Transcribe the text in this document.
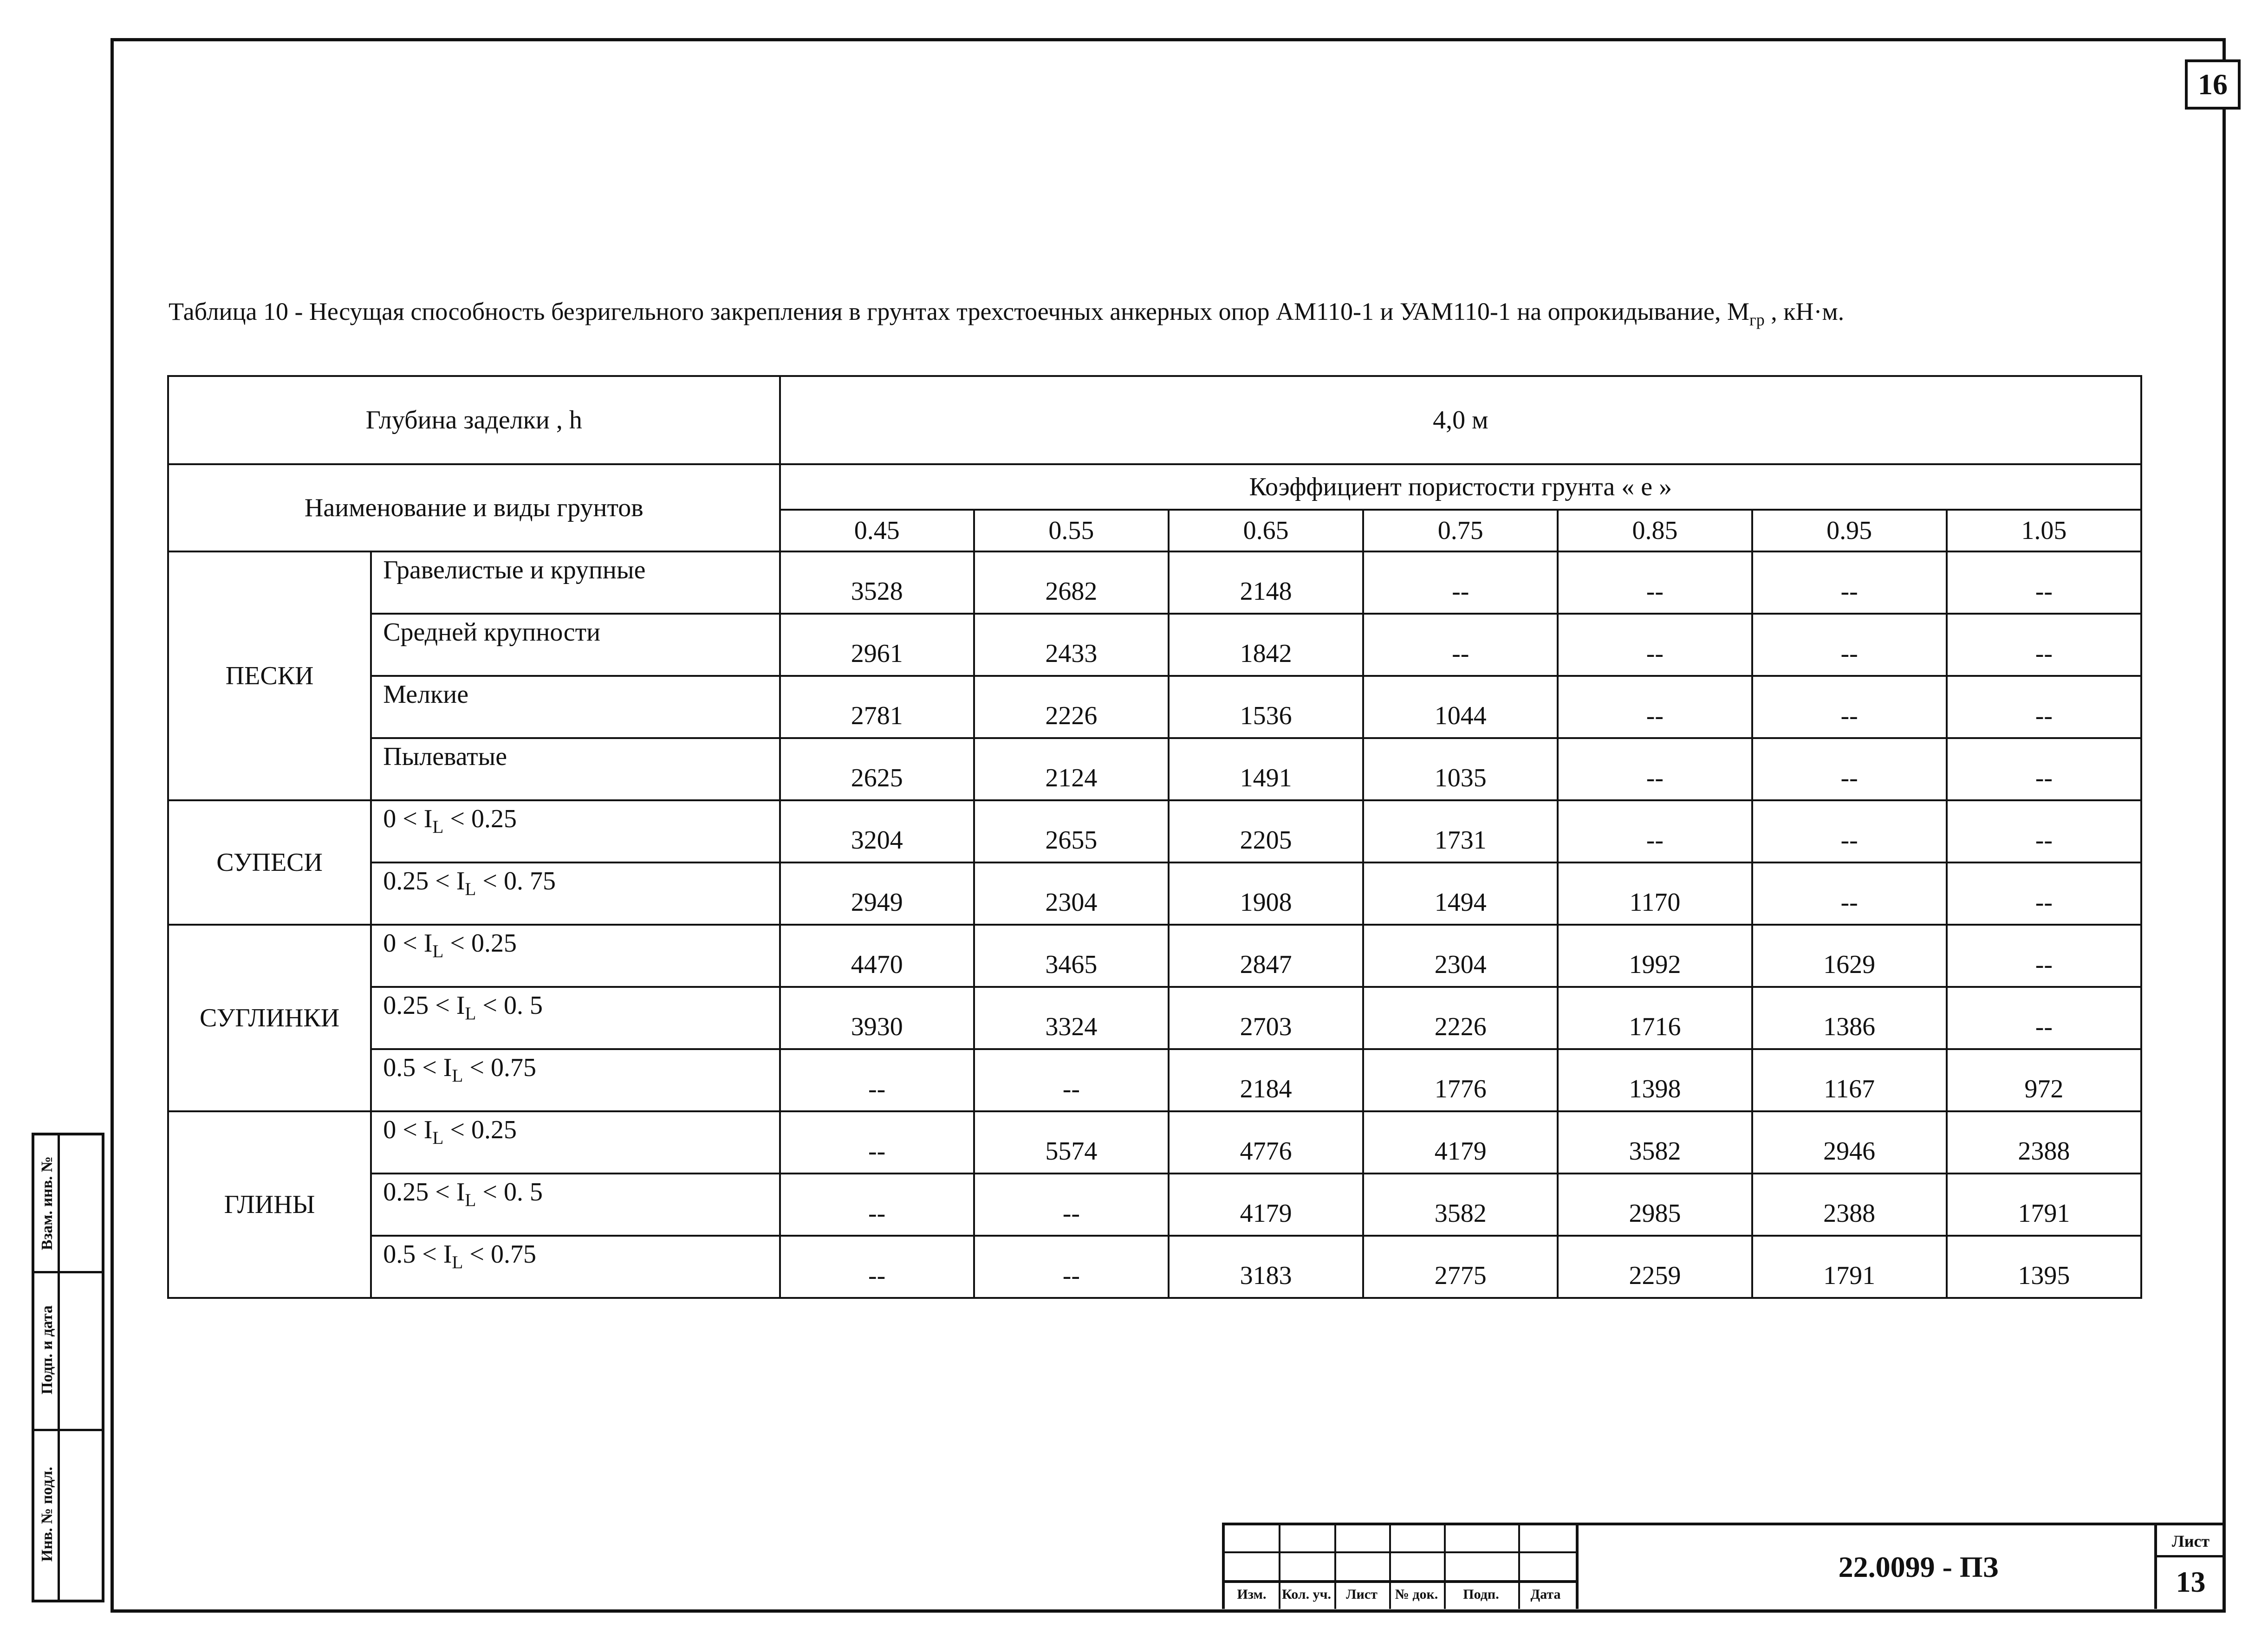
16
Таблица 10 - Несущая способность безригельного закрепления в грунтах трехстоечных анкерных опор АМ110-1 и УАМ110-1 на опрокидывание, $М_{гр}$ , кН·м.
Глубина заделки , h		4,0 м						
Наименование и виды грунтов		Коэффициент пористости грунта « е »						
		0.45	0.55	0.65	0.75	0.85	0.95	1.05
ПЕСКИ	Гравелистые и крупные	3528	2682	2148	--	--	--	--
	Средней крупности	2961	2433	1842	--	--	--	--
	Мелкие	2781	2226	1536	1044	--	--	--
	Пылеватые	2625	2124	1491	1035	--	--	--
СУПЕСИ	$0 < I_L < 0.25$	3204	2655	2205	1731	--	--	--
	$0.25 < I_L < 0$. 75	2949	2304	1908	1494	1170	--	--
СУГЛИНКИ	$0 < I_L < 0.25$	4470	3465	2847	2304	1992	1629	--
	$0.25 < I_L < 0$. 5	3930	3324	2703	2226	1716	1386	--
	$0.5 < I_L < 0.75$	--	--	2184	1776	1398	1167	972
ГЛИНЫ	$0 < I_L < 0.25$	--	5574	4776	4179	3582	2946	2388
	$0.25 < I_L < 0$. 5	--	--	4179	3582	2985	2388	1791
	$0.5 < I_L < 0.75$	--	--	3183	2775	2259	1791	1395
Взам. инв. №
Подп. и дата
Инв. № подл.
Изм.	Кол. уч.	Лист	№ док.	Подп.	Дата
22.0099 - ПЗ
Лист
13
